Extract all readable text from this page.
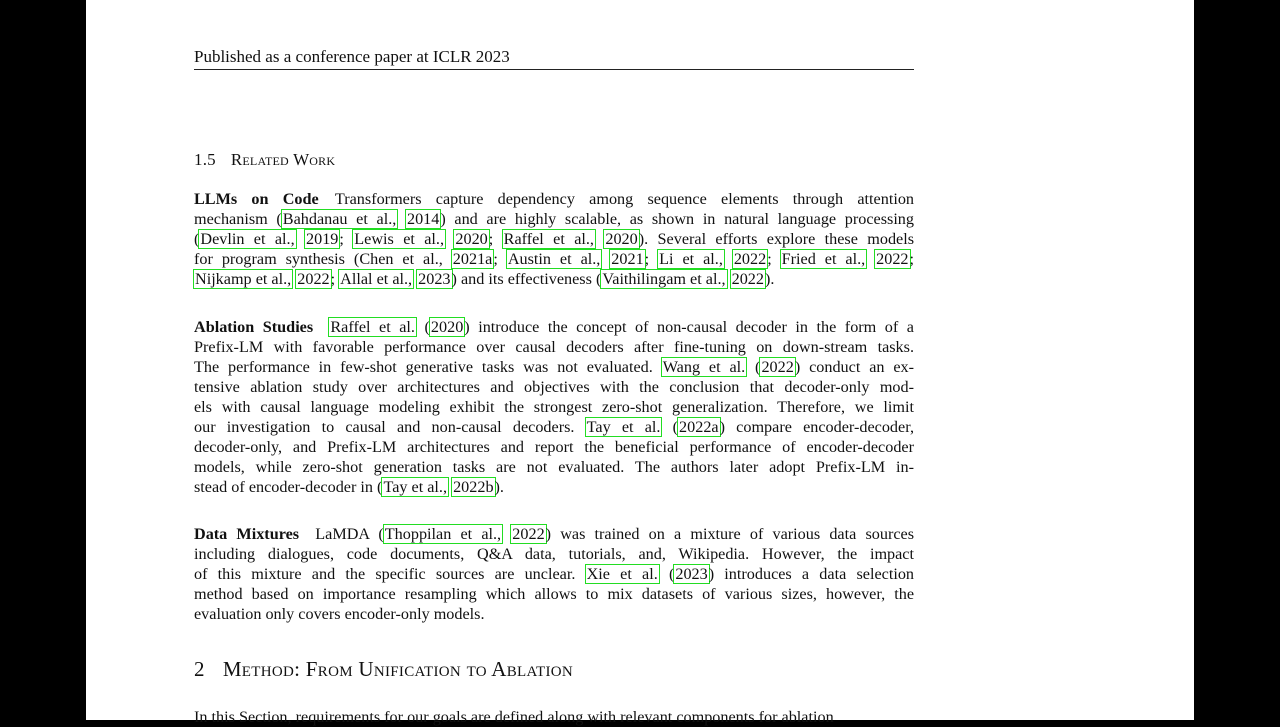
Published as a conference paper at ICLR 2023
1.5 Related Work
LLMs on Code  Transformers capture dependency among sequence elements through attention
mechanism (Bahdanau et al., 2014) and are highly scalable, as shown in natural language processing
(Devlin et al., 2019; Lewis et al., 2020; Raffel et al., 2020). Several efforts explore these models
for program synthesis (Chen et al., 2021a; Austin et al., 2021; Li et al., 2022; Fried et al., 2022;
Nijkamp et al., 2022; Allal et al., 2023) and its effectiveness (Vaithilingam et al., 2022).
Ablation Studies  Raffel et al. (2020) introduce the concept of non-causal decoder in the form of a
Prefix-LM with favorable performance over causal decoders after fine-tuning on down-stream tasks.
The performance in few-shot generative tasks was not evaluated. Wang et al. (2022) conduct an ex-
tensive ablation study over architectures and objectives with the conclusion that decoder-only mod-
els with causal language modeling exhibit the strongest zero-shot generalization. Therefore, we limit
our investigation to causal and non-causal decoders. Tay et al. (2022a) compare encoder-decoder,
decoder-only, and Prefix-LM architectures and report the beneficial performance of encoder-decoder
models, while zero-shot generation tasks are not evaluated. The authors later adopt Prefix-LM in-
stead of encoder-decoder in (Tay et al., 2022b).
Data Mixtures  LaMDA (Thoppilan et al., 2022) was trained on a mixture of various data sources
including dialogues, code documents, Q&A data, tutorials, and, Wikipedia. However, the impact
of this mixture and the specific sources are unclear. Xie et al. (2023) introduces a data selection
method based on importance resampling which allows to mix datasets of various sizes, however, the
evaluation only covers encoder-only models.
2 Method: From Unification to Ablation
In this Section, requirements for our goals are defined along with relevant components for ablation
